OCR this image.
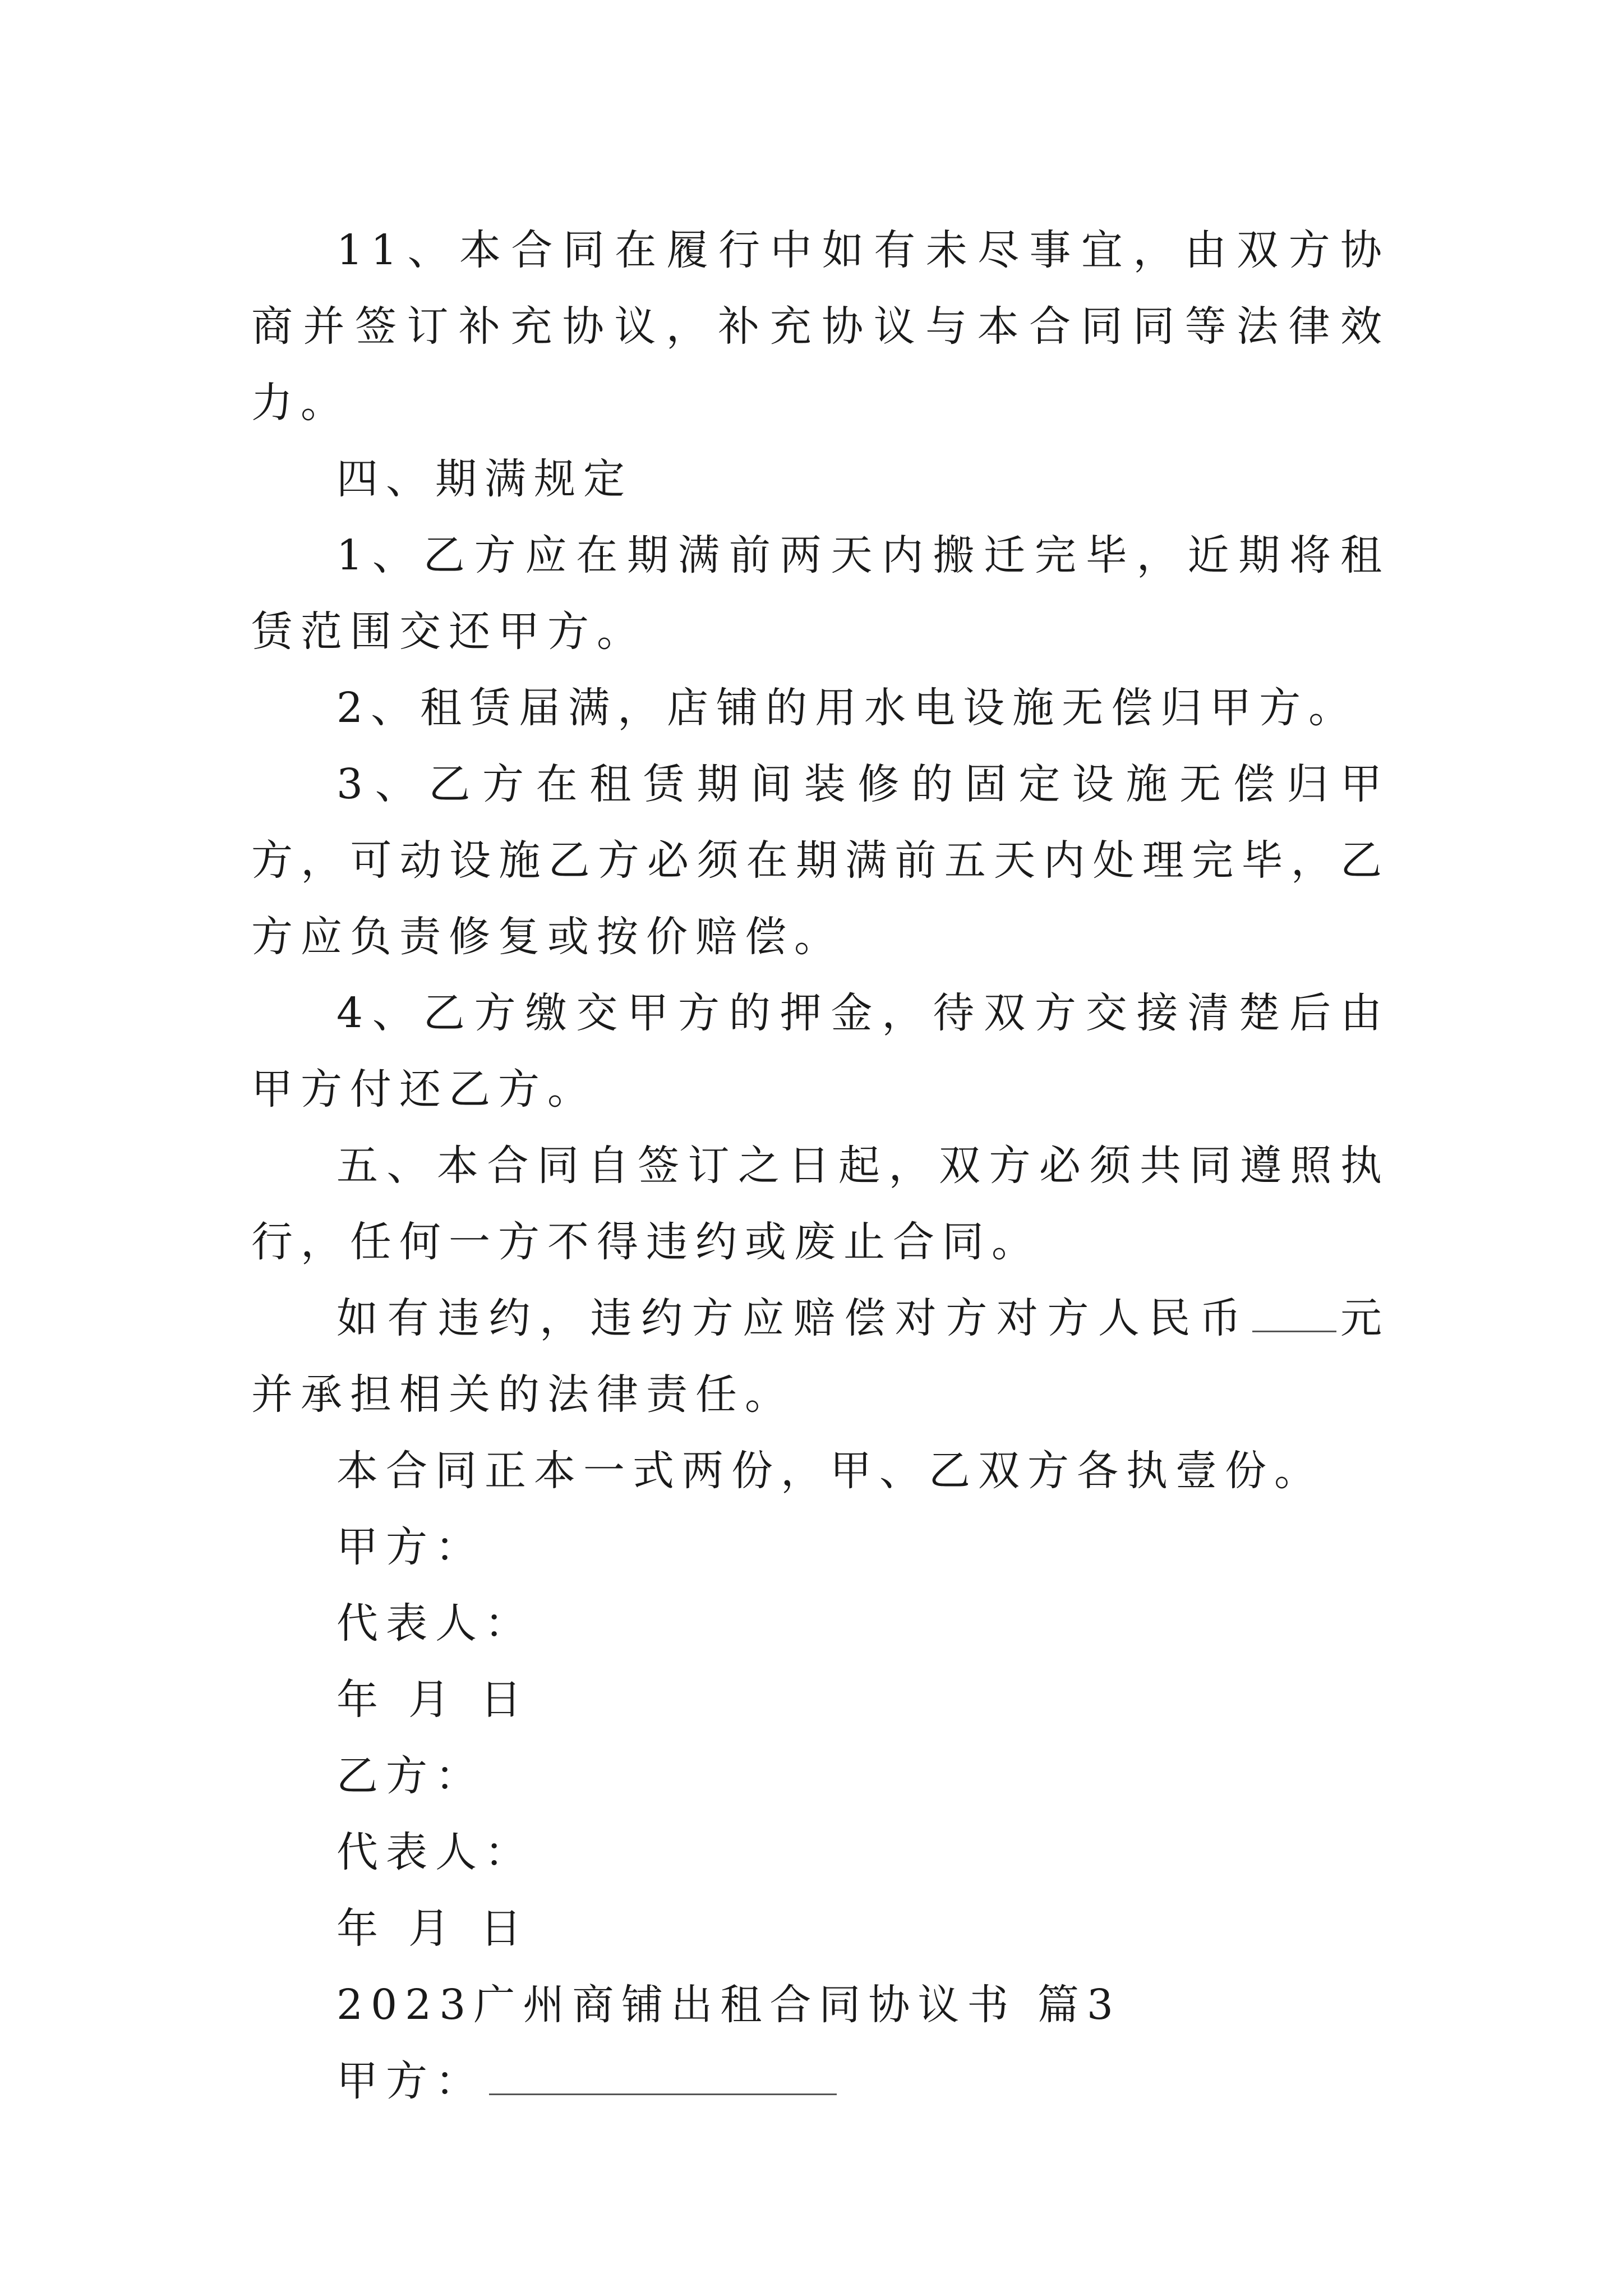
11、本合同在履行中如有未尽事宜，由双方协商并签订补充协议，补充协议与本合同同等法律效力。

四、期满规定

1、乙方应在期满前两天内搬迁完毕，近期将租赁范围交还甲方。

2、租赁届满，店铺的用水电设施无偿归甲方。

3、乙方在租赁期间装修的固定设施无偿归甲方，可动设施乙方必须在期满前五天内处理完毕，乙方应负责修复或按价赔偿。

4、乙方缴交甲方的押金，待双方交接清楚后由甲方付还乙方。

五、本合同自签订之日起，双方必须共同遵照执行，任何一方不得违约或废止合同。

如有违约，违约方应赔偿对方对方人民币 元并承担相关的法律责任。

本合同正本一式两份，甲、乙双方各执壹份。

甲方：

代表人：

年 月 日

乙方：

代表人：

年 月 日

2023广州商铺出租合同协议书 篇3

甲方：
